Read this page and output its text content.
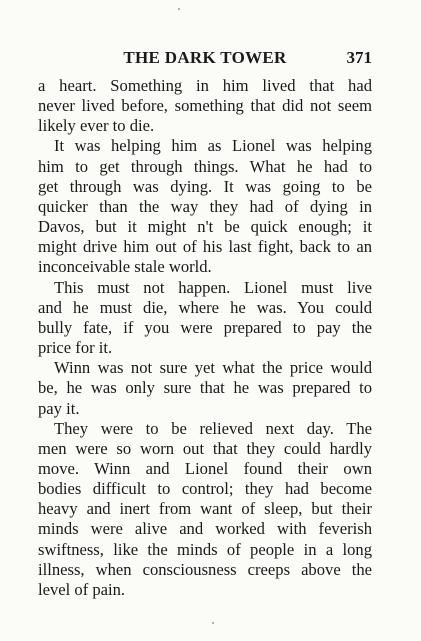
THE DARK TOWER	371

a heart. Something in him lived that had
never lived before, something that did not seem
likely ever to die.

It was helping him as Lionel was helping
him to get through things. What he had to
get through was dying. It was going to be
quicker than the way they had of dying in
Davos, but it might n't be quick enough; it
might drive him out of his last fight, back to an
inconceivable stale world.

This must not happen. Lionel must live
and he must die, where he was. You could
bully fate, if you were prepared to pay the
price for it.

Winn was not sure yet what the price would
be, he was only sure that he was prepared to
pay it.

They were to be relieved next day. The
men were so worn out that they could hardly
move. Winn and Lionel found their own
bodies difficult to control; they had become
heavy and inert from want of sleep, but their
minds were alive and worked with feverish
swiftness, like the minds of people in a long
illness, when consciousness creeps above the
level of pain.
